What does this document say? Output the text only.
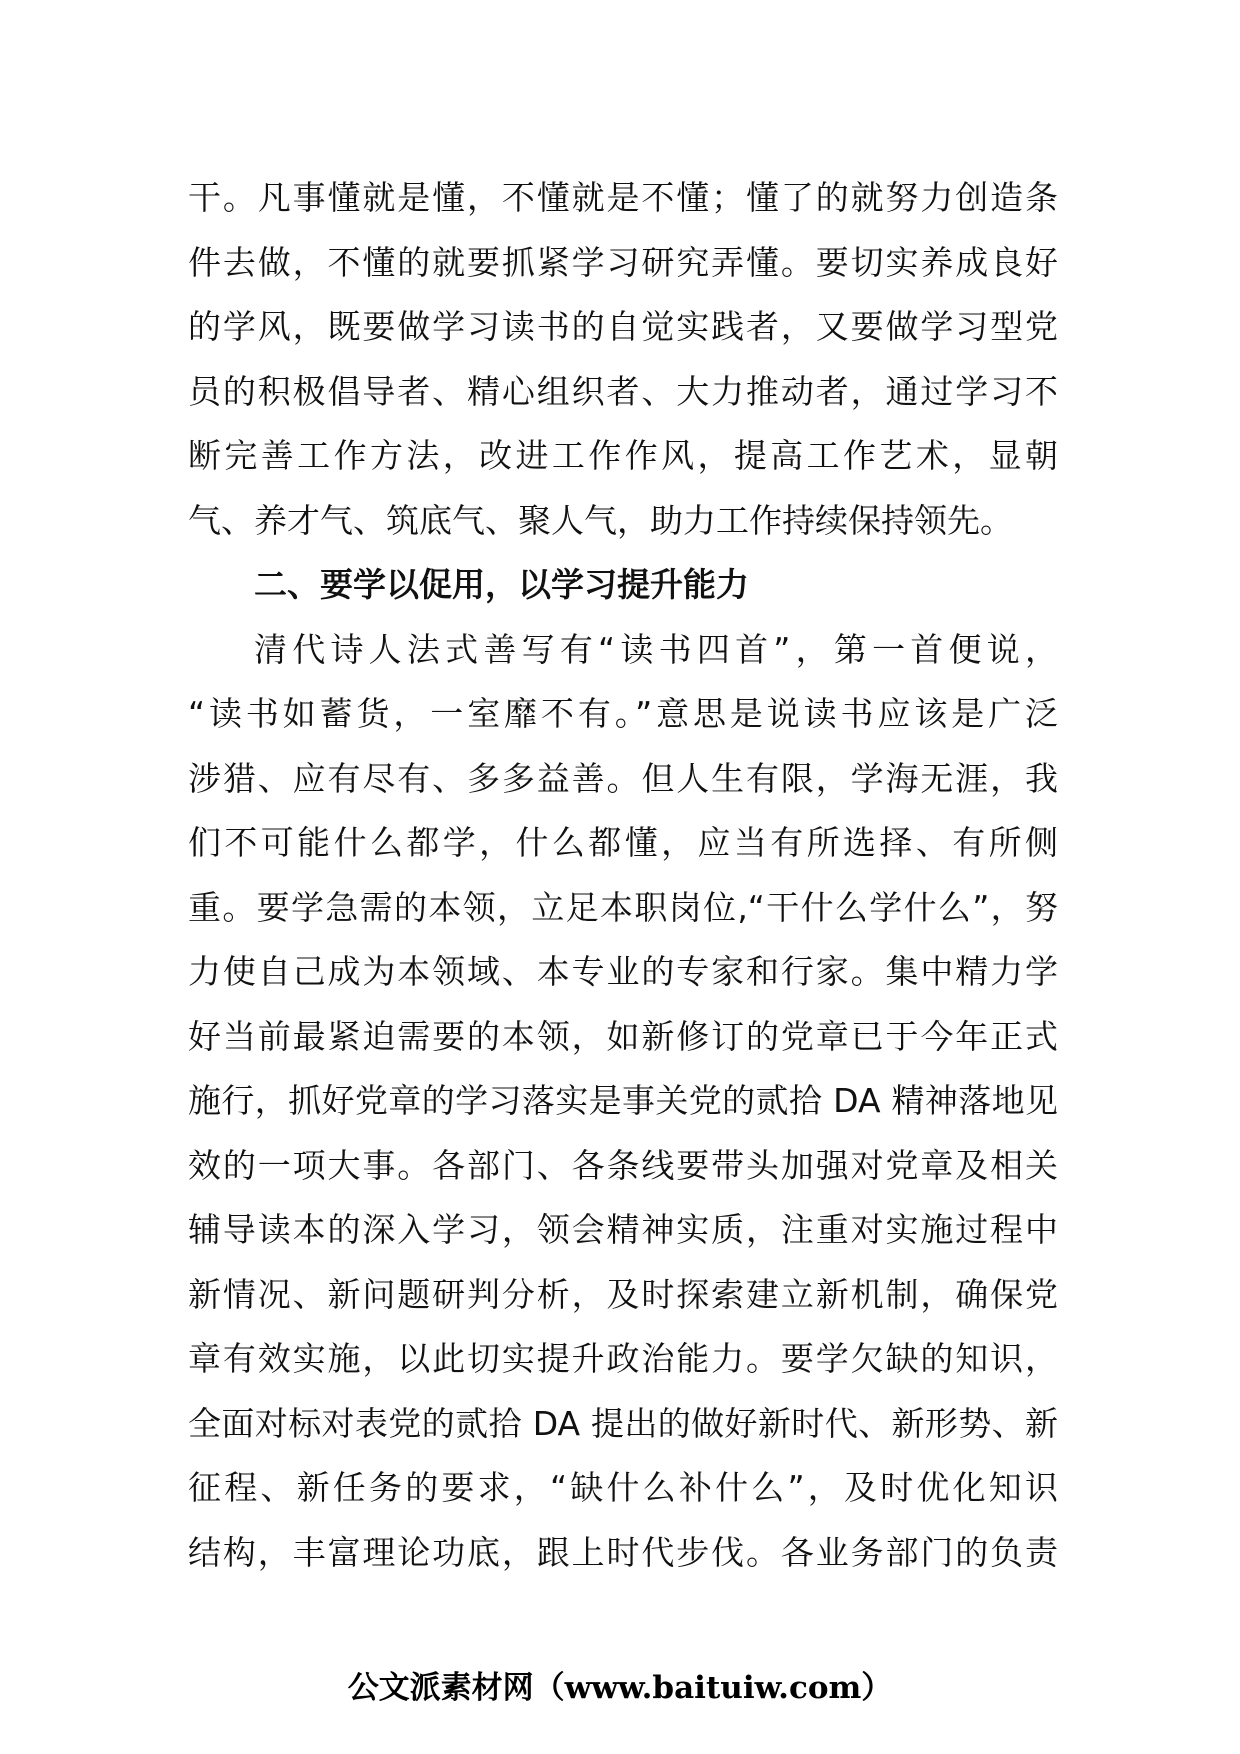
干。凡事懂就是懂，不懂就是不懂；懂了的就努力创造条
件去做，不懂的就要抓紧学习研究弄懂。要切实养成良好
的学风，既要做学习读书的自觉实践者，又要做学习型党
员的积极倡导者、精心组织者、大力推动者，通过学习不
断完善工作方法，改进工作作风，提高工作艺术，显朝
气、养才气、筑底气、聚人气，助力工作持续保持领先。
二、要学以促用，以学习提升能力
清代诗人法式善写有“读书四首”，第一首便说，
“读书如蓄货，一室靡不有。”意思是说读书应该是广泛
涉猎、应有尽有、多多益善。但人生有限，学海无涯，我
们不可能什么都学，什么都懂，应当有所选择、有所侧
重。要学急需的本领，立足本职岗位,“干什么学什么”，努
力使自己成为本领域、本专业的专家和行家。集中精力学
好当前最紧迫需要的本领，如新修订的党章已于今年正式
施行，抓好党章的学习落实是事关党的贰拾 DA 精神落地见
效的一项大事。各部门、各条线要带头加强对党章及相关
辅导读本的深入学习，领会精神实质，注重对实施过程中
新情况、新问题研判分析，及时探索建立新机制，确保党
章有效实施，以此切实提升政治能力。要学欠缺的知识，
全面对标对表党的贰拾 DA 提出的做好新时代、新形势、新
征程、新任务的要求，“缺什么补什么”，及时优化知识
结构，丰富理论功底，跟上时代步伐。各业务部门的负责
公文派素材网（www.baituiw.com）
